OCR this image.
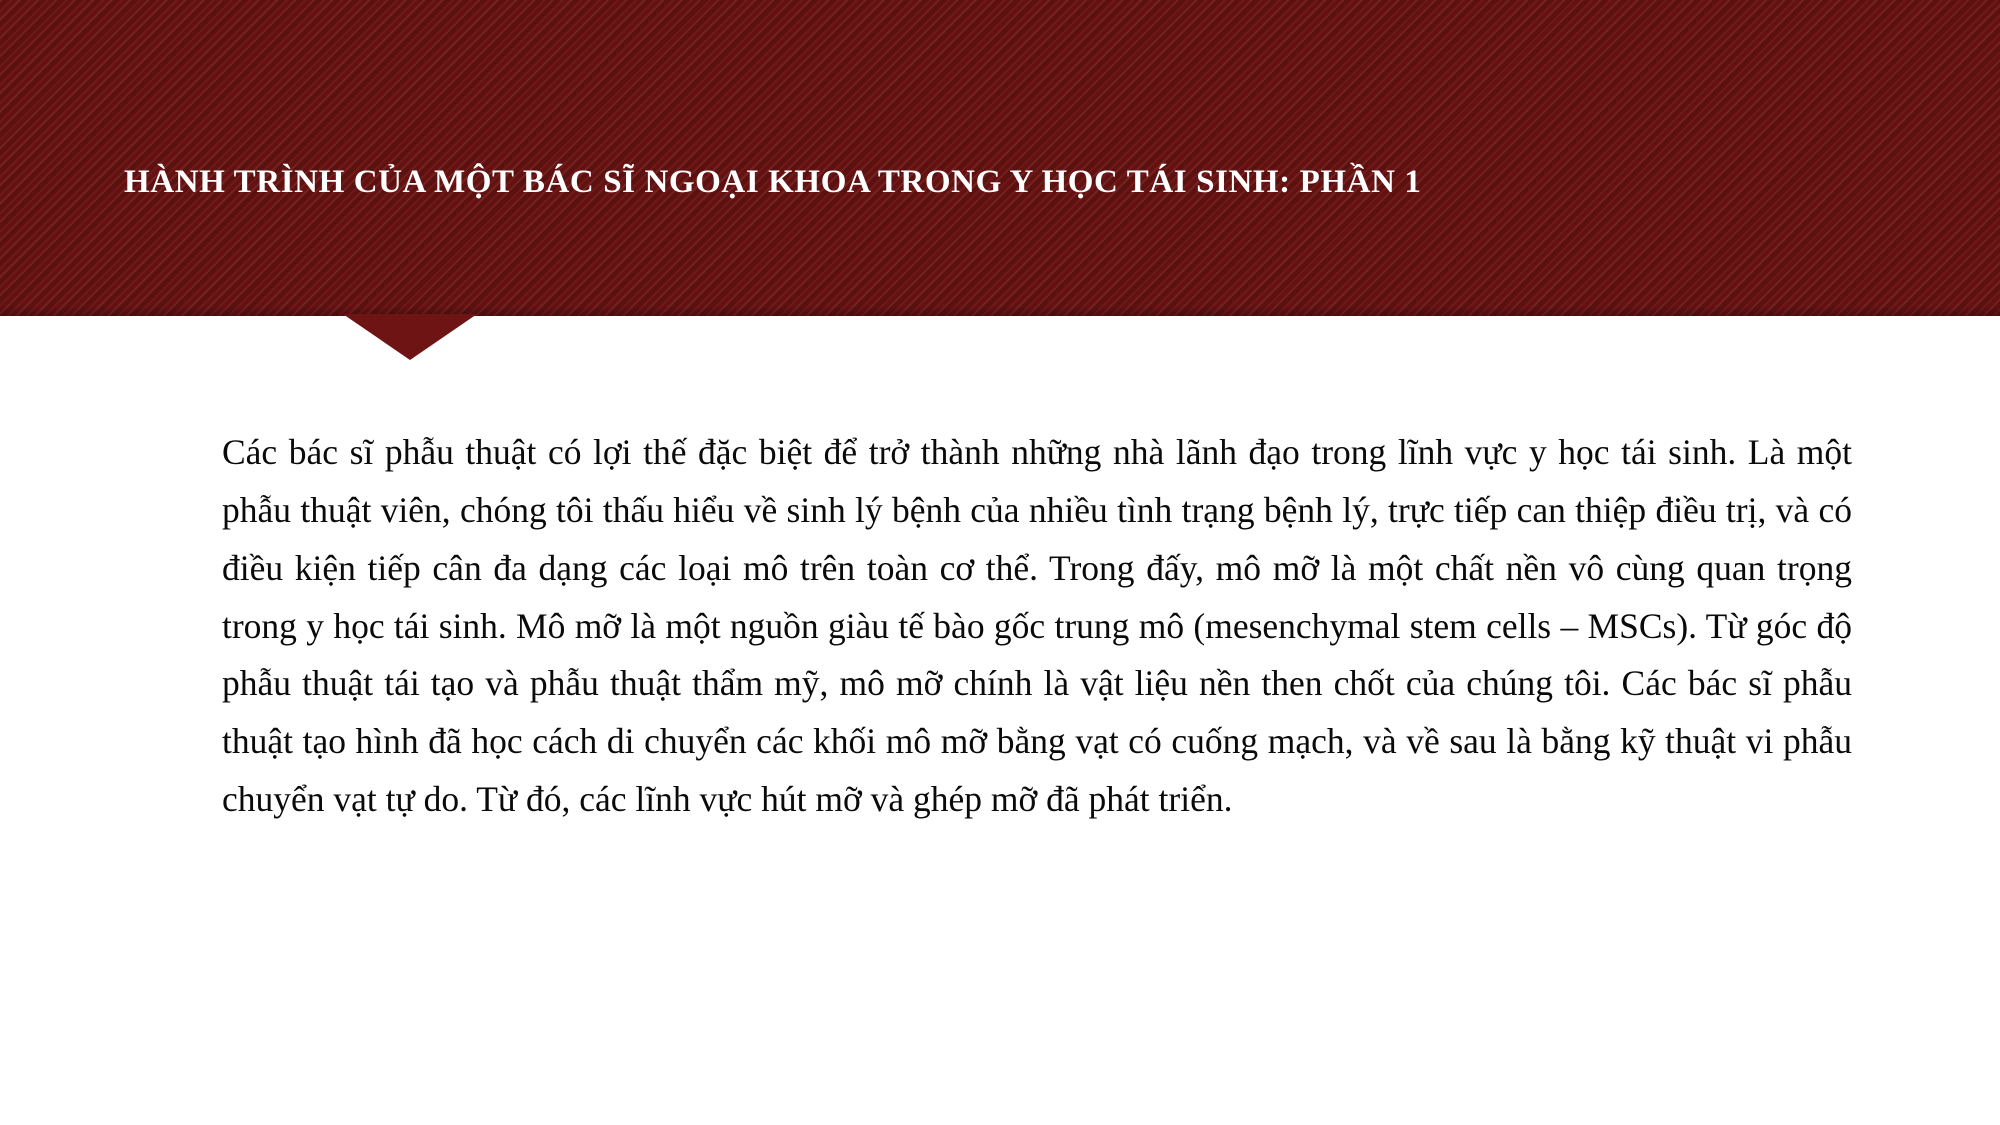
HÀNH TRÌNH CỦA MỘT BÁC SĨ NGOẠI KHOA TRONG Y HỌC TÁI SINH: PHẦN 1

Các bác sĩ phẫu thuật có lợi thế đặc biệt để trở thành những nhà lãnh đạo trong lĩnh vực y học tái sinh. Là một phẫu thuật viên, chóng tôi thấu hiểu về sinh lý bệnh của nhiều tình trạng bệnh lý, trực tiếp can thiệp điều trị, và có điều kiện tiếp cân đa dạng các loại mô trên toàn cơ thể. Trong đấy, mô mỡ là một chất nền vô cùng quan trọng trong y học tái sinh. Mô mỡ là một nguồn giàu tế bào gốc trung mô (mesenchymal stem cells – MSCs). Từ góc độ phẫu thuật tái tạo và phẫu thuật thẩm mỹ, mô mỡ chính là vật liệu nền then chốt của chúng tôi. Các bác sĩ phẫu thuật tạo hình đã học cách di chuyển các khối mô mỡ bằng vạt có cuống mạch, và về sau là bằng kỹ thuật vi phẫu chuyển vạt tự do. Từ đó, các lĩnh vực hút mỡ và ghép mỡ đã phát triển.
